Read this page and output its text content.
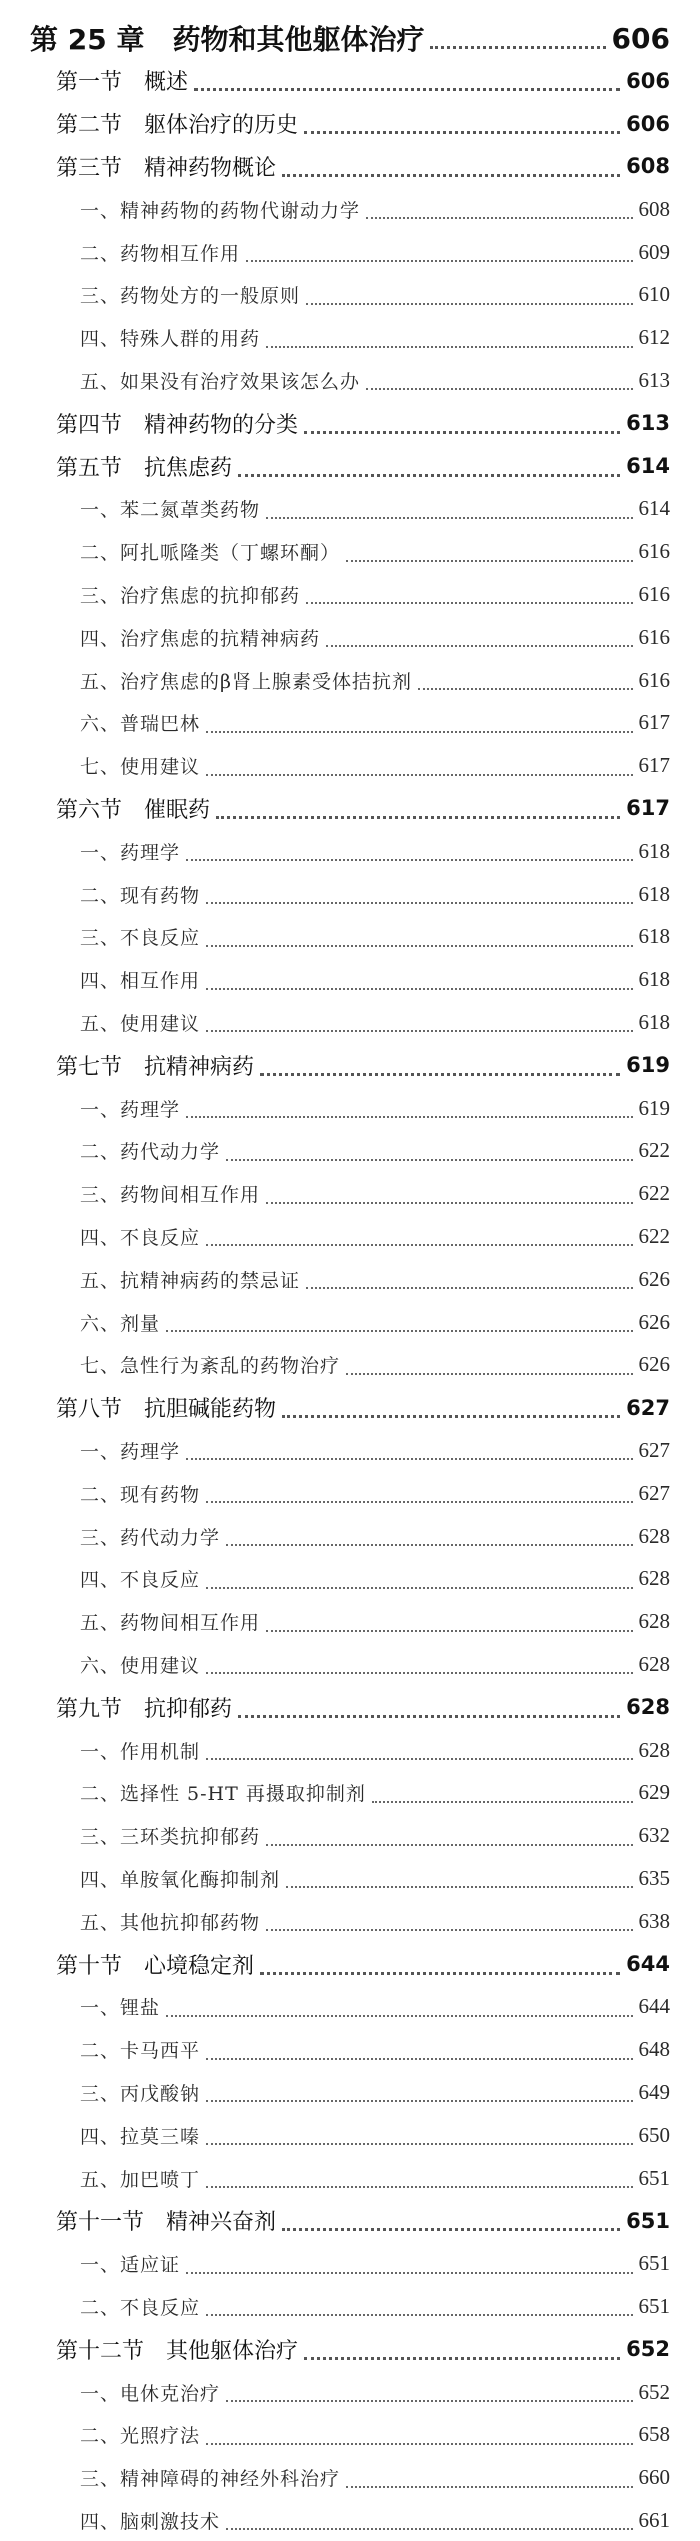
第 25 章　药物和其他躯体治疗	606
第一节　概述	606
第二节　躯体治疗的历史	606
第三节　精神药物概论	608
一、精神药物的药物代谢动力学	608
二、药物相互作用	609
三、药物处方的一般原则	610
四、特殊人群的用药	612
五、如果没有治疗效果该怎么办	613
第四节　精神药物的分类	613
第五节　抗焦虑药	614
一、苯二氮䓬类药物	614
二、阿扎哌隆类（丁螺环酮）	616
三、治疗焦虑的抗抑郁药	616
四、治疗焦虑的抗精神病药	616
五、治疗焦虑的β肾上腺素受体拮抗剂	616
六、普瑞巴林	617
七、使用建议	617
第六节　催眠药	617
一、药理学	618
二、现有药物	618
三、不良反应	618
四、相互作用	618
五、使用建议	618
第七节　抗精神病药	619
一、药理学	619
二、药代动力学	622
三、药物间相互作用	622
四、不良反应	622
五、抗精神病药的禁忌证	626
六、剂量	626
七、急性行为紊乱的药物治疗	626
第八节　抗胆碱能药物	627
一、药理学	627
二、现有药物	627
三、药代动力学	628
四、不良反应	628
五、药物间相互作用	628
六、使用建议	628
第九节　抗抑郁药	628
一、作用机制	628
二、选择性 5-HT 再摄取抑制剂	629
三、三环类抗抑郁药	632
四、单胺氧化酶抑制剂	635
五、其他抗抑郁药物	638
第十节　心境稳定剂	644
一、锂盐	644
二、卡马西平	648
三、丙戊酸钠	649
四、拉莫三嗪	650
五、加巴喷丁	651
第十一节　精神兴奋剂	651
一、适应证	651
二、不良反应	651
第十二节　其他躯体治疗	652
一、电休克治疗	652
二、光照疗法	658
三、精神障碍的神经外科治疗	660
四、脑刺激技术	661
